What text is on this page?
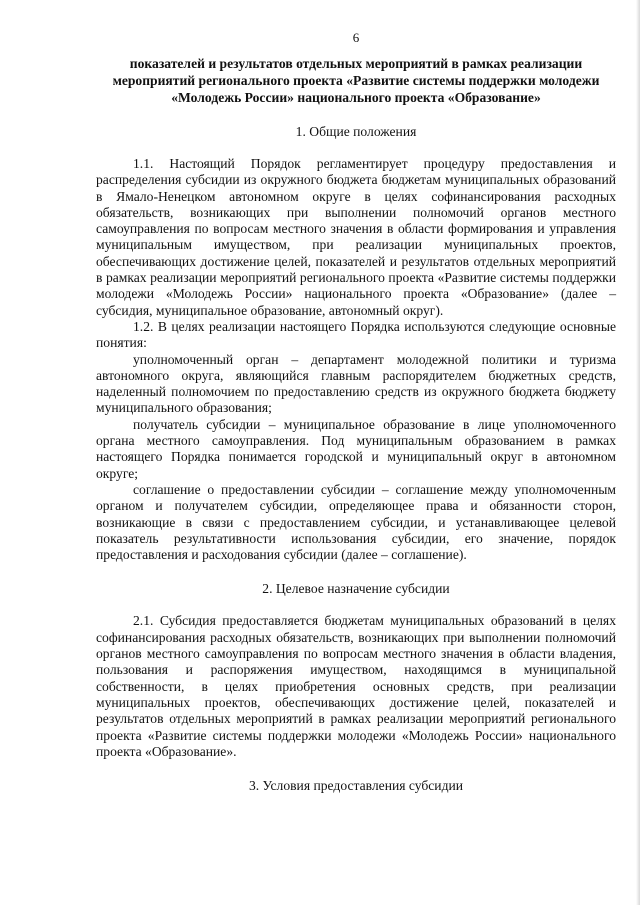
6
показателей и результатов отдельных мероприятий в рамках реализации мероприятий регионального проекта «Развитие системы поддержки молодежи «Молодежь России» национального проекта «Образование»
1. Общие положения

1.1. Настоящий Порядок регламентирует процедуру предоставления и распределения субсидии из окружного бюджета бюджетам муниципальных образований в Ямало-Ненецком автономном округе в целях софинансирования расходных обязательств, возникающих при выполнении полномочий органов местного самоуправления по вопросам местного значения в области формирования и управления муниципальным имуществом, при реализации муниципальных проектов, обеспечивающих достижение целей, показателей и результатов отдельных мероприятий в рамках реализации мероприятий регионального проекта «Развитие системы поддержки молодежи «Молодежь России» национального проекта «Образование» (далее – субсидия, муниципальное образование, автономный округ).

1.2. В целях реализации настоящего Порядка используются следующие основные понятия:

уполномоченный орган – департамент молодежной политики и туризма автономного округа, являющийся главным распорядителем бюджетных средств, наделенный полномочием по предоставлению средств из окружного бюджета бюджету муниципального образования;

получатель субсидии – муниципальное образование в лице уполномоченного органа местного самоуправления. Под муниципальным образованием в рамках настоящего Порядка понимается городской и муниципальный округ в автономном округе;

соглашение о предоставлении субсидии – соглашение между уполномоченным органом и получателем субсидии, определяющее права и обязанности сторон, возникающие в связи с предоставлением субсидии, и устанавливающее целевой показатель результативности использования субсидии, его значение, порядок предоставления и расходования субсидии (далее – соглашение).

2. Целевое назначение субсидии

2.1. Субсидия предоставляется бюджетам муниципальных образований в целях софинансирования расходных обязательств, возникающих при выполнении полномочий органов местного самоуправления по вопросам местного значения в области владения, пользования и распоряжения имуществом, находящимся в муниципальной собственности, в целях приобретения основных средств, при реализации муниципальных проектов, обеспечивающих достижение целей, показателей и результатов отдельных мероприятий в рамках реализации мероприятий регионального проекта «Развитие системы поддержки молодежи «Молодежь России» национального проекта «Образование».

3. Условия предоставления субсидии
